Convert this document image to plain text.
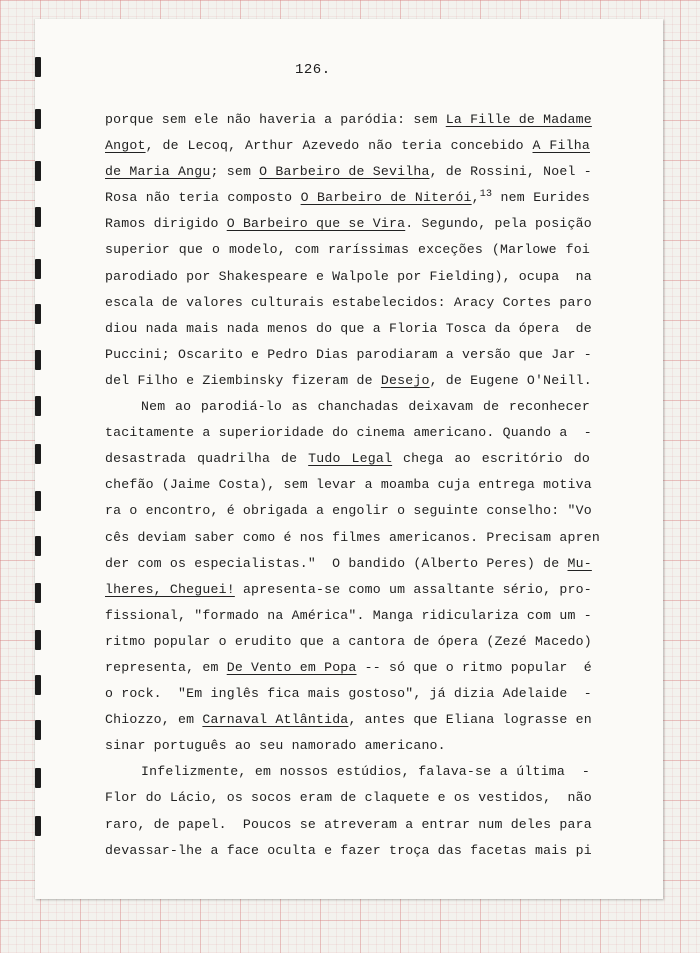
126.
porque sem ele não haveria a paródia: sem La Fille de Madame
Angot, de Lecoq, Arthur Azevedo não teria concebido A Filha
de Maria Angu; sem O Barbeiro de Sevilha, de Rossini, Noel -
Rosa não teria composto O Barbeiro de Niterói,$^{13}$ nem Eurides
Ramos dirigido O Barbeiro que se Vira. Segundo, pela posição
superior que o modelo, com raríssimas exceções (Marlowe foi
parodiado por Shakespeare e Walpole por Fielding), ocupa  na
escala de valores culturais estabelecidos: Aracy Cortes paro
diou nada mais nada menos do que a Floria Tosca da ópera  de
Puccini; Oscarito e Pedro Dias parodiaram a versão que Jar -
del Filho e Ziembinsky fizeram de Desejo, de Eugene O'Neill.
Nem ao parodiá-lo as chanchadas deixavam de reconhecer
tacitamente a superioridade do cinema americano. Quando a  -
desastrada quadrilha de Tudo Legal chega ao escritório do
chefão (Jaime Costa), sem levar a moamba cuja entrega motiva
ra o encontro, é obrigada a engolir o seguinte conselho: "Vo
cês deviam saber como é nos filmes americanos. Precisam apren
der com os especialistas."  O bandido (Alberto Peres) de Mu-
lheres, Cheguei! apresenta-se como um assaltante sério, pro-
fissional, "formado na América". Manga ridiculariza com um -
ritmo popular o erudito que a cantora de ópera (Zezé Macedo)
representa, em De Vento em Popa -- só que o ritmo popular  é
o rock.  "Em inglês fica mais gostoso", já dizia Adelaide  -
Chiozzo, em Carnaval Atlântida, antes que Eliana lograsse en
sinar português ao seu namorado americano.
Infelizmente, em nossos estúdios, falava-se a última  -
Flor do Lácio, os socos eram de claquete e os vestidos,  não
raro, de papel.  Poucos se atreveram a entrar num deles para
devassar-lhe a face oculta e fazer troça das facetas mais pi
